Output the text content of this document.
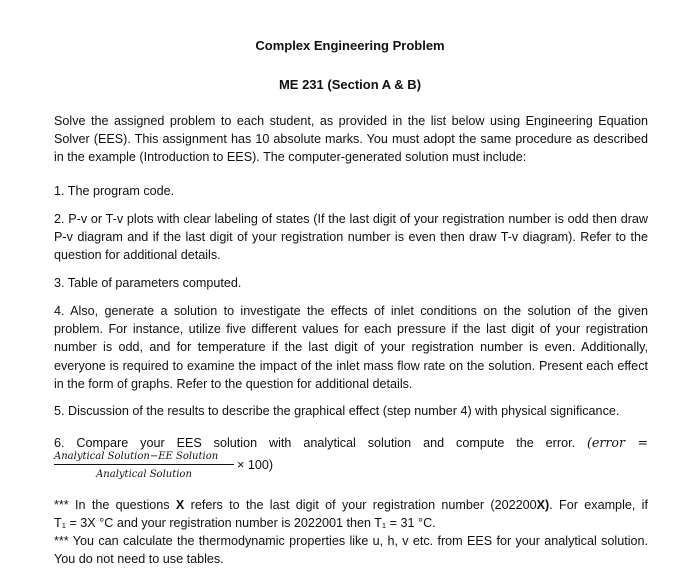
Complex Engineering Problem
ME 231 (Section A & B)

Solve the assigned problem to each student, as provided in the list below using Engineering Equation Solver (EES). This assignment has 10 absolute marks. You must adopt the same procedure as described in the example (Introduction to EES). The computer-generated solution must include:

1. The program code.

2. P-v or T-v plots with clear labeling of states (If the last digit of your registration number is odd then draw P-v diagram and if the last digit of your registration number is even then draw T-v diagram). Refer to the question for additional details.

3. Table of parameters computed.

4. Also, generate a solution to investigate the effects of inlet conditions on the solution of the given problem. For instance, utilize five different values for each pressure if the last digit of your registration number is odd, and for temperature if the last digit of your registration number is even. Additionally, everyone is required to examine the impact of the inlet mass flow rate on the solution. Present each effect in the form of graphs. Refer to the question for additional details.

5. Discussion of the results to describe the graphical effect (step number 4) with physical significance.

6. Compare your EES solution with analytical solution and compute the error. (error =
Analytical Solution−EE Solution
Analytical Solution
× 100)
*** In the questions X refers to the last digit of your registration number (202200X). For example, if
T₁ = 3X °C and your registration number is 2022001 then T₁ = 31 °C.
*** You can calculate the thermodynamic properties like u, h, v etc. from EES for your analytical solution. You do not need to use tables.
